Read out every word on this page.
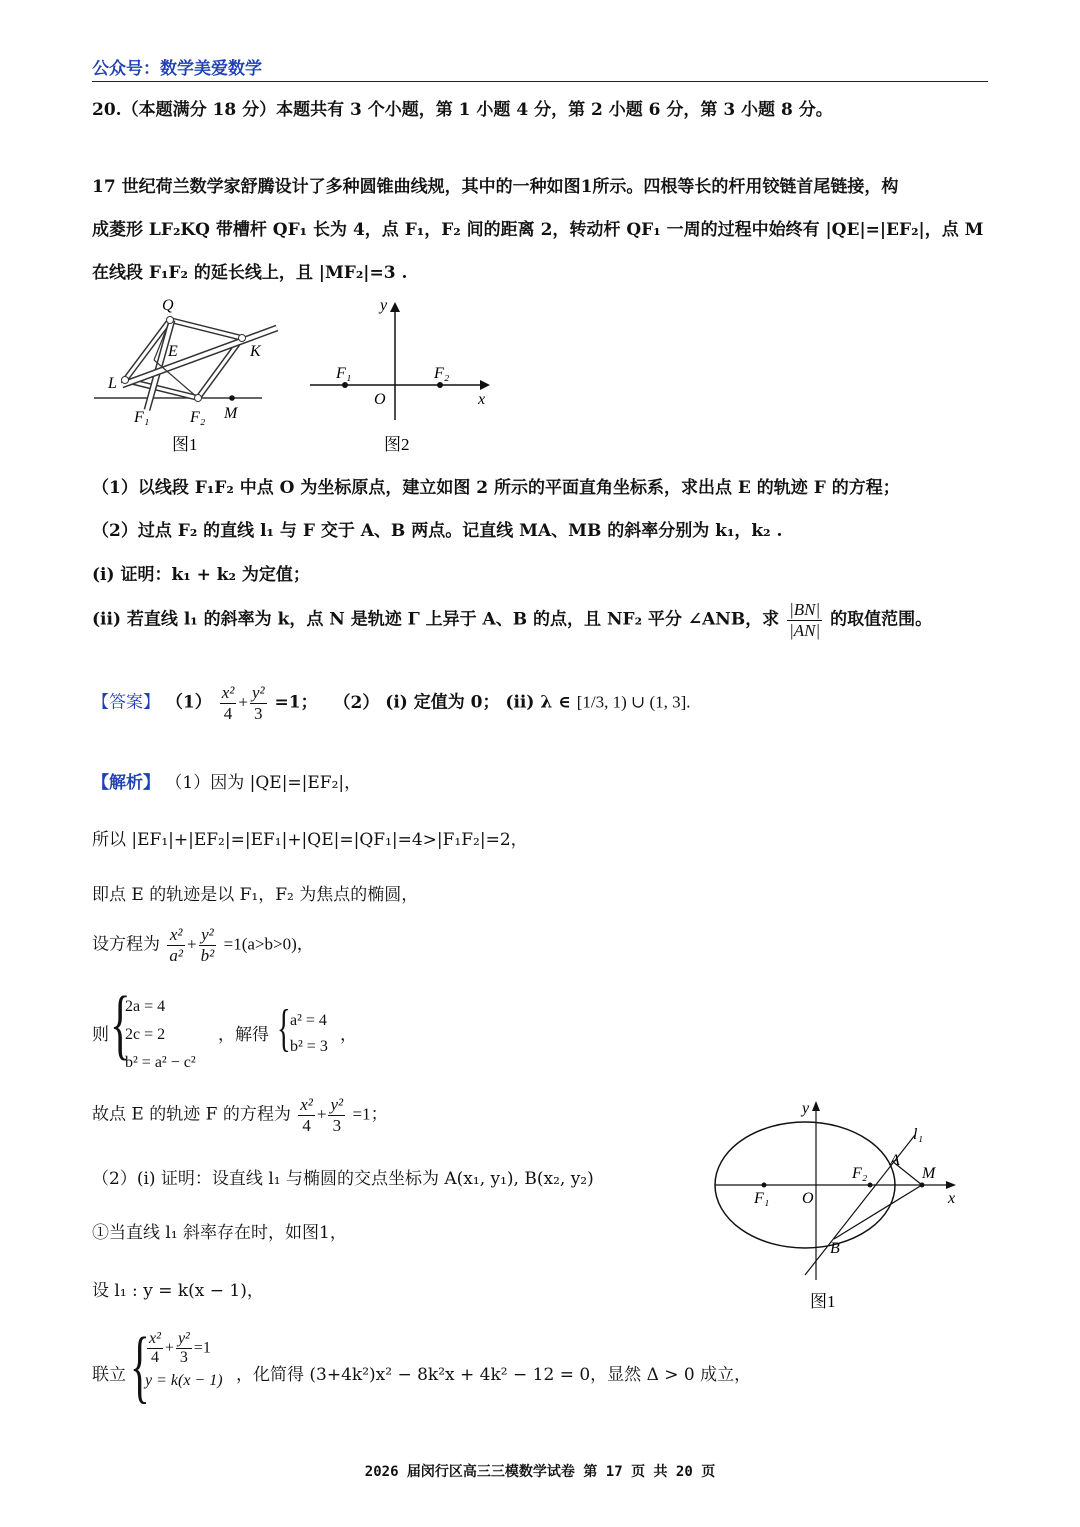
公众号：数学美爱数学
20.（本题满分 18 分）本题共有 3 个小题，第 1 小题 4 分，第 2 小题 6 分，第 3 小题 8 分。
17 世纪荷兰数学家舒腾设计了多种圆锥曲线规，其中的一种如图1所示。四根等长的杆用铰链首尾链接，构
成菱形 LF₂KQ 带槽杆 QF₁ 长为 4，点 F₁，F₂ 间的距离 2，转动杆 QF₁ 一周的过程中始终有 |QE|=|EF₂|，点 M
在线段 F₁F₂ 的延长线上，且 |MF₂|=3 .
Q
E	K
L
F₁	F₂ M
图1
y
F₁	F₂
O	x
图2
（1）以线段 F₁F₂ 中点 O 为坐标原点，建立如图 2 所示的平面直角坐标系，求出点 E 的轨迹 F 的方程；
（2）过点 F₂ 的直线 l₁ 与 F 交于 A、B 两点。记直线 MA、MB 的斜率分别为 k₁，k₂ .
(i) 证明：k₁ + k₂ 为定值；
(ii) 若直线 l₁ 的斜率为 k，点 N 是轨迹 Γ 上异于 A、B 的点，且 NF₂ 平分 ∠ANB，求 $\frac{|BN|}{|AN|}$ 的取值范围。
【答案】 $(1) \frac{\text{x²}}{4} + \frac{\text{y²}}{3} =1$； （2） (i) 定值为 0； (ii) λ ∈ [1/3, 1) ∪ (1, 3].
【解析】 （1）因为 |QE|=|EF₂|，
所以 |EF₁|+|EF₂|=|EF₁|+|QE|=|QF₁|=4>|F₁F₂|=2，
即点 E 的轨迹是以 F₁，F₂ 为焦点的椭圆，
设方程为 $\frac{\text{x²}}{\text{a²}} + \frac{\text{y²}}{\text{b²}} =1(a>b>0)$，
则 {
2a = 4
2c = 2
b² = a² − c²
，解得 { a² = 4
b² = 3
，
故点 E 的轨迹 F 的方程为 $\frac{\text{x²}}{4} + \frac{\text{y²}}{3} =1$；
（2）(i) 证明：设直线 l₁ 与椭圆的交点坐标为 A(x₁, y₁), B(x₂, y₂)
①当直线 l₁ 斜率存在时，如图1，
设 l₁ : y = k(x − 1)，
联立 {
$\frac{\text{x²}}{4} + \frac{\text{y²}}{3} =1$
y = k(x − 1) ，化简得 (3+4k²)x² − 8k²x + 4k² − 12 = 0，显然 Δ > 0 成立，
y
l₁
A
F₂	M
F₁ O	x
B
图1
2026 届闵行区高三三模数学试卷 第 17 页 共 20 页
